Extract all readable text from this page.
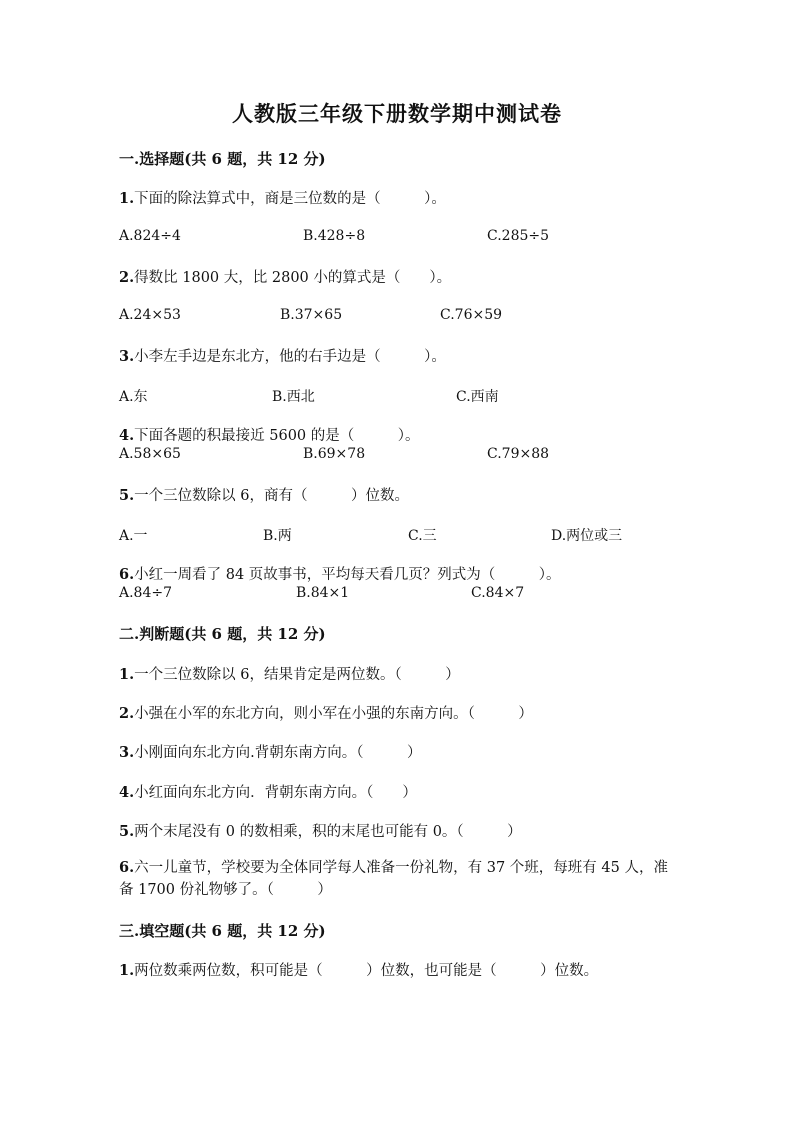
人教版三年级下册数学期中测试卷
一.选择题(共 6 题，共 12 分)
1.下面的除法算式中，商是三位数的是（　　　）。
A.824÷4	B.428÷8	C.285÷5
2.得数比 1800 大，比 2800 小的算式是（　　）。
A.24×53	B.37×65	C.76×59
3.小李左手边是东北方，他的右手边是（　　　）。
A.东	B.西北	C.西南
4.下面各题的积最接近 5600 的是（　　　）。
A.58×65	B.69×78	C.79×88
5.一个三位数除以 6，商有（　　　）位数。
A.一	B.两	C.三	D.两位或三
6.小红一周看了 84 页故事书，平均每天看几页？列式为（　　　）。
A.84÷7	B.84×1	C.84×7
二.判断题(共 6 题，共 12 分)
1.一个三位数除以 6，结果肯定是两位数。（　　　）
2.小强在小军的东北方向，则小军在小强的东南方向。（　　　）
3.小刚面向东北方向.背朝东南方向。（　　　）
4.小红面向东北方向．背朝东南方向。（　　）
5.两个末尾没有 0 的数相乘，积的末尾也可能有 0。（　　　）
6.六一儿童节，学校要为全体同学每人准备一份礼物，有 37 个班，每班有 45 人，准备 1700 份礼物够了。（　　　）
三.填空题(共 6 题，共 12 分)
1.两位数乘两位数，积可能是（　　　）位数，也可能是（　　　）位数。
